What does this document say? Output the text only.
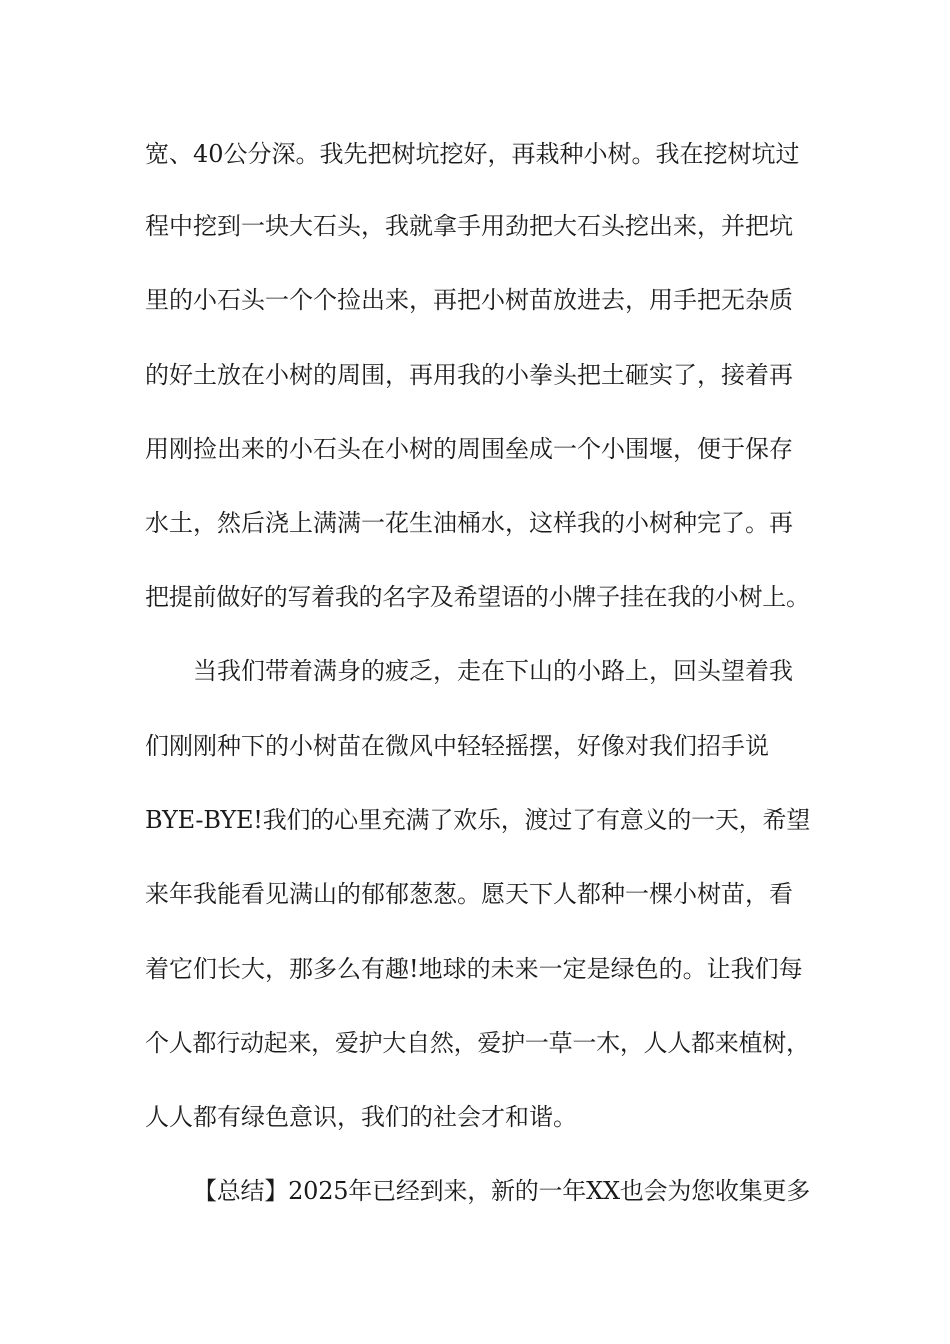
宽、40公分深。我先把树坑挖好，再栽种小树。我在挖树坑过
程中挖到一块大石头，我就拿手用劲把大石头挖出来，并把坑
里的小石头一个个捡出来，再把小树苗放进去，用手把无杂质
的好土放在小树的周围，再用我的小拳头把土砸实了，接着再
用刚捡出来的小石头在小树的周围垒成一个小围堰，便于保存
水土，然后浇上满满一花生油桶水，这样我的小树种完了。再
把提前做好的写着我的名字及希望语的小牌子挂在我的小树上。
当我们带着满身的疲乏，走在下山的小路上，回头望着我
们刚刚种下的小树苗在微风中轻轻摇摆，好像对我们招手说
BYE-BYE!我们的心里充满了欢乐，渡过了有意义的一天，希望
来年我能看见满山的郁郁葱葱。愿天下人都种一棵小树苗，看
着它们长大，那多么有趣!地球的未来一定是绿色的。让我们每
个人都行动起来，爱护大自然，爱护一草一木，人人都来植树，
人人都有绿色意识，我们的社会才和谐。
【总结】2025年已经到来，新的一年XX也会为您收集更多
